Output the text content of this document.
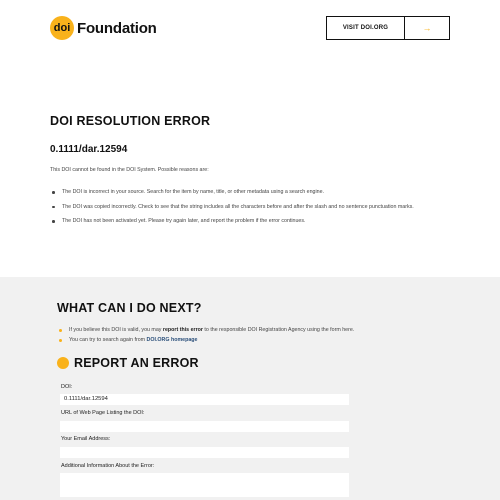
doi Foundation	VISIT DOI.ORG	→
DOI RESOLUTION ERROR
0.1111/dar.12594
This DOI cannot be found in the DOI System. Possible reasons are:
The DOI is incorrect in your source. Search for the item by name, title, or other metadata using a search engine.
The DOI was copied incorrectly. Check to see that the string includes all the characters before and after the slash and no sentence punctuation marks.
The DOI has not been activated yet. Please try again later, and report the problem if the error continues.
WHAT CAN I DO NEXT?
If you believe this DOI is valid, you may report this error to the responsible DOI Registration Agency using the form here.
You can try to search again from DOI.ORG homepage
REPORT AN ERROR
DOI:
0.1111/dar.12594
URL of Web Page Listing the DOI:
Your Email Address:
Additional Information About the Error:
